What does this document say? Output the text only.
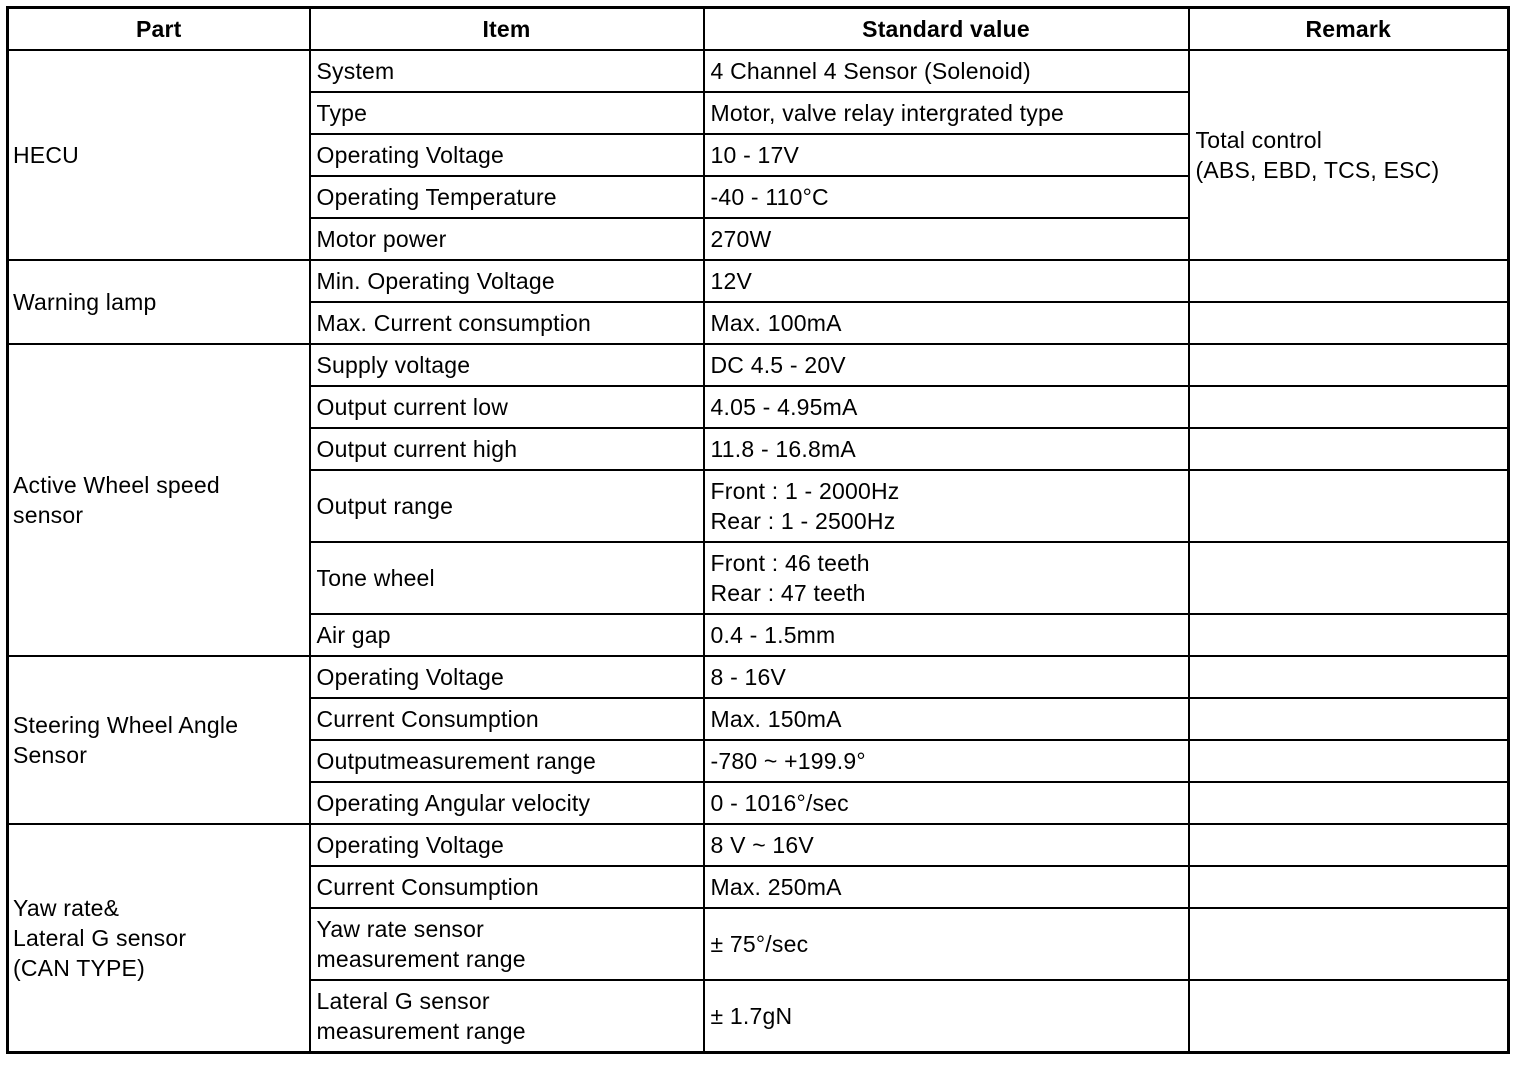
Part	Item	Standard value	Remark
HECU	System	4 Channel 4 Sensor (Solenoid)	Total control
(ABS, EBD, TCS, ESC)
	Type	Motor, valve relay intergrated type	
	Operating Voltage	10 - 17V	
	Operating Temperature	-40 - 110°C	
	Motor power	270W	
Warning lamp	Min. Operating Voltage	12V	
	Max. Current consumption	Max. 100mA	
Active Wheel speed
sensor	Supply voltage	DC 4.5 - 20V	
	Output current low	4.05 - 4.95mA	
	Output current high	11.8 - 16.8mA	
	Output range	Front : 1 - 2000Hz
Rear : 1 - 2500Hz	
	Tone wheel	Front : 46 teeth
Rear : 47 teeth	
	Air gap	0.4 - 1.5mm	
Steering Wheel Angle
Sensor	Operating Voltage	8 - 16V	
	Current Consumption	Max. 150mA	
	Outputmeasurement range	-780 ~ +199.9°	
	Operating Angular velocity	0 - 1016°/sec	
Yaw rate&
Lateral G sensor
(CAN TYPE)	Operating Voltage	8 V ~ 16V	
	Current Consumption	Max. 250mA	
	Yaw rate sensor
measurement range	± 75°/sec	
	Lateral G sensor
measurement range	± 1.7gN	
